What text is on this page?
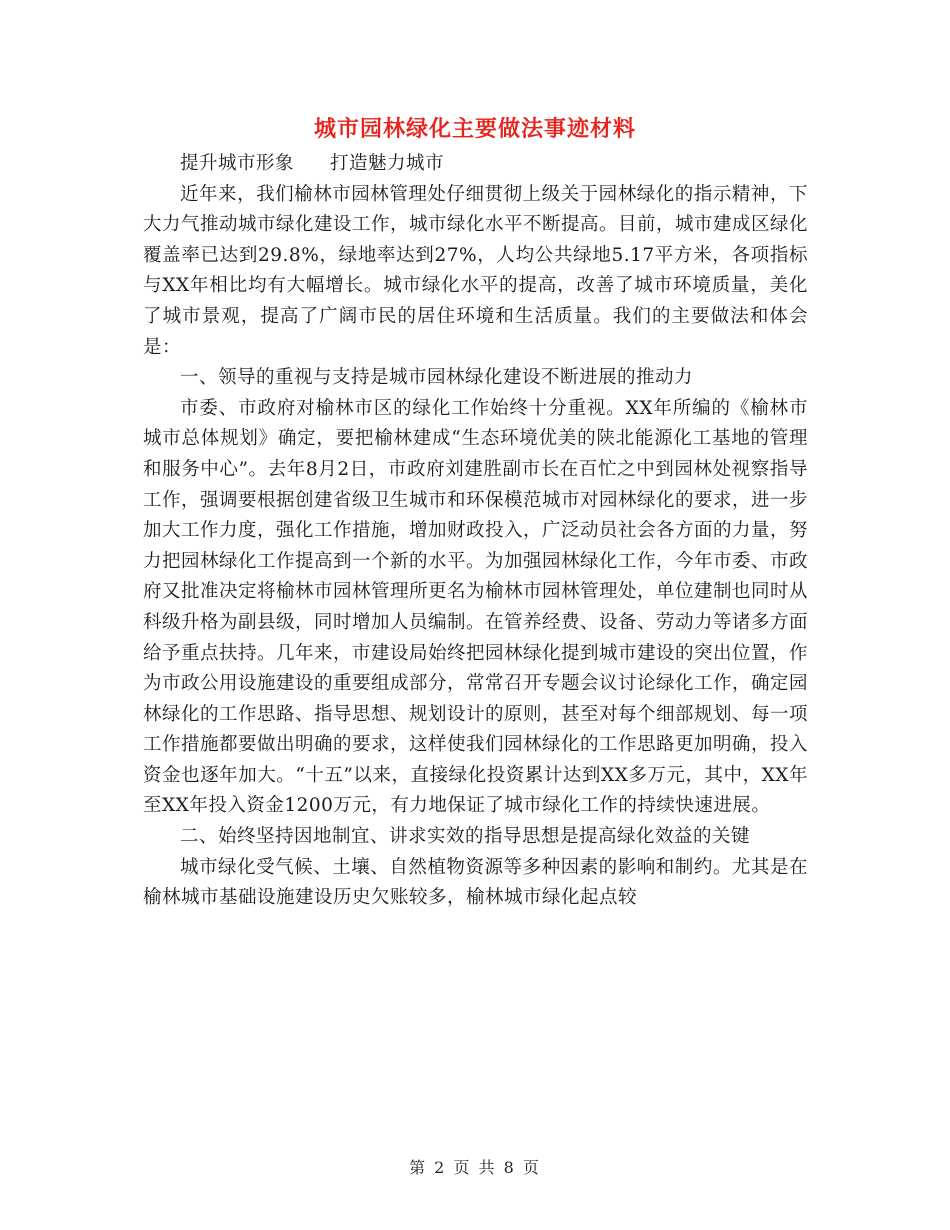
城市园林绿化主要做法事迹材料

提升城市形象 打造魅力城市

近年来，我们榆林市园林管理处仔细贯彻上级关于园林绿化的指示精神，下大力气推动城市绿化建设工作，城市绿化水平不断提高。目前，城市建成区绿化覆盖率已达到29.8%，绿地率达到27%，人均公共绿地5.17平方米，各项指标与XX年相比均有大幅增长。城市绿化水平的提高，改善了城市环境质量，美化了城市景观，提高了广阔市民的居住环境和生活质量。我们的主要做法和体会是：

一、领导的重视与支持是城市园林绿化建设不断进展的推动力

市委、市政府对榆林市区的绿化工作始终十分重视。XX年所编的《榆林市城市总体规划》确定，要把榆林建成“生态环境优美的陕北能源化工基地的管理和服务中心”。去年8月2日，市政府刘建胜副市长在百忙之中到园林处视察指导工作，强调要根据创建省级卫生城市和环保模范城市对园林绿化的要求，进一步加大工作力度，强化工作措施，增加财政投入，广泛动员社会各方面的力量，努力把园林绿化工作提高到一个新的水平。为加强园林绿化工作，今年市委、市政府又批准决定将榆林市园林管理所更名为榆林市园林管理处，单位建制也同时从科级升格为副县级，同时增加人员编制。在管养经费、设备、劳动力等诸多方面给予重点扶持。几年来，市建设局始终把园林绿化提到城市建设的突出位置，作为市政公用设施建设的重要组成部分，常常召开专题会议讨论绿化工作，确定园林绿化的工作思路、指导思想、规划设计的原则，甚至对每个细部规划、每一项工作措施都要做出明确的要求，这样使我们园林绿化的工作思路更加明确，投入资金也逐年加大。“十五”以来，直接绿化投资累计达到XX多万元，其中，XX年至XX年投入资金1200万元，有力地保证了城市绿化工作的持续快速进展。

二、始终坚持因地制宜、讲求实效的指导思想是提高绿化效益的关键

城市绿化受气候、土壤、自然植物资源等多种因素的影响和制约。尤其是在榆林城市基础设施建设历史欠账较多，榆林城市绿化起点较

第 2 页 共 8 页
